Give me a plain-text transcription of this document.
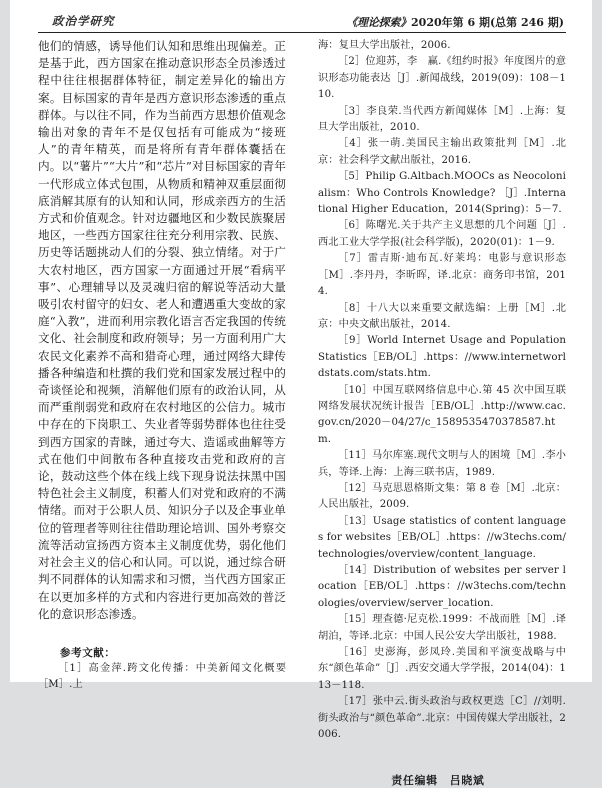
政治学研究	《理论探索》2020年第 6 期(总第 246 期)

他们的情感，诱导他们认知和思维出现偏差。正是基于此，西方国家在推动意识形态全员渗透过程中往往根据群体特征，制定差异化的输出方案。目标国家的青年是西方意识形态渗透的重点群体。与以往不同，作为当前西方思想价值观念输出对象的青年不是仅包括有可能成为“接班人”的青年精英，而是将所有青年群体囊括在内。以“薯片”“大片”和“芯片”对目标国家的青年一代形成立体式包围，从物质和精神双重层面彻底消解其原有的认知和认同，形成亲西方的生活方式和价值观念。针对边疆地区和少数民族聚居地区，一些西方国家往往充分利用宗教、民族、历史等话题挑动人们的分裂、独立情绪。对于广大农村地区，西方国家一方面通过开展“看病平事”、心理辅导以及灵魂归宿的解说等活动大量吸引农村留守的妇女、老人和遭遇重大变故的家庭“入教”，进而利用宗教化语言否定我国的传统文化、社会制度和政府领导；另一方面利用广大农民文化素养不高和猎奇心理，通过网络大肆传播各种编造和杜撰的我们党和国家发展过程中的奇谈怪论和视频，消解他们原有的政治认同，从而严重削弱党和政府在农村地区的公信力。城市中存在的下岗职工、失业者等弱势群体也往往受到西方国家的青睐，通过夸大、造谣或曲解等方式在他们中间散布各种直接攻击党和政府的言论，鼓动这些个体在线上线下现身说法抹黑中国特色社会主义制度，积蓄人们对党和政府的不满情绪。而对于公职人员、知识分子以及企事业单位的管理者等则往往借助理论培训、国外考察交流等活动宣扬西方资本主义制度优势，弱化他们对社会主义的信心和认同。可以说，通过综合研判不同群体的认知需求和习惯，当代西方国家正在以更加多样的方式和内容进行更加高效的普泛化的意识形态渗透。

参考文献：
［1］高金萍.跨文化传播：中美新闻文化概要［M］.上
海：复旦大学出版社，2006.
［2］位迎苏，李　赢.《纽约时报》年度图片的意识形态功能表达［J］.新闻战线，2019(09)：108－110.
［3］李良荣.当代西方新闻媒体［M］.上海：复旦大学出版社，2010.
［4］张一萌.美国民主输出政策批判［M］.北京：社会科学文献出版社，2016.
［5］Philip G.Altbach.MOOCs as Neocolonialism：Who Controls Knowledge? ［J］.International Higher Education，2014(Spring)：5－7.
［6］陈曙光.关于共产主义思想的几个问题［J］.西北工业大学学报(社会科学版)，2020(01)：1－9.
［7］雷吉斯·迪布瓦.好莱坞：电影与意识形态［M］.李丹丹，李昕晖，译.北京：商务印书馆，2014.
［8］十八大以来重要文献选编：上册［M］.北京：中央文献出版社，2014.
［9］World Internet Usage and Population Statistics［EB/OL］.https：//www.internetworldstats.com/stats.htm.
［10］中国互联网络信息中心.第 45 次中国互联网络发展状况统计报告［EB/OL］.http://www.cac.gov.cn/2020－04/27/c_1589535470378587.htm.
［11］马尔库塞.现代文明与人的困境［M］.李小兵，等译.上海：上海三联书店，1989.
［12］马克思恩格斯文集：第 8 卷［M］.北京：人民出版社，2009.
［13］Usage statistics of content languages for websites［EB/OL］.https：//w3techs.com/technologies/overview/content_language.
［14］Distribution of websites per server location［EB/OL］.https：//w3techs.com/technologies/overview/server_location.
［15］理查德·尼克松.1999：不战而胜［M］.译胡泊，等译.北京：中国人民公安大学出版社，1988.
［16］史澎海，彭凤玲.美国和平演变战略与中东“颜色革命”［J］.西安交通大学学报，2014(04)：113－118.
［17］张中云.街头政治与政权更迭［C］//刘明.街头政治与“颜色革命”.北京：中国传媒大学出版社，2006.
责任编辑 吕晓斌
